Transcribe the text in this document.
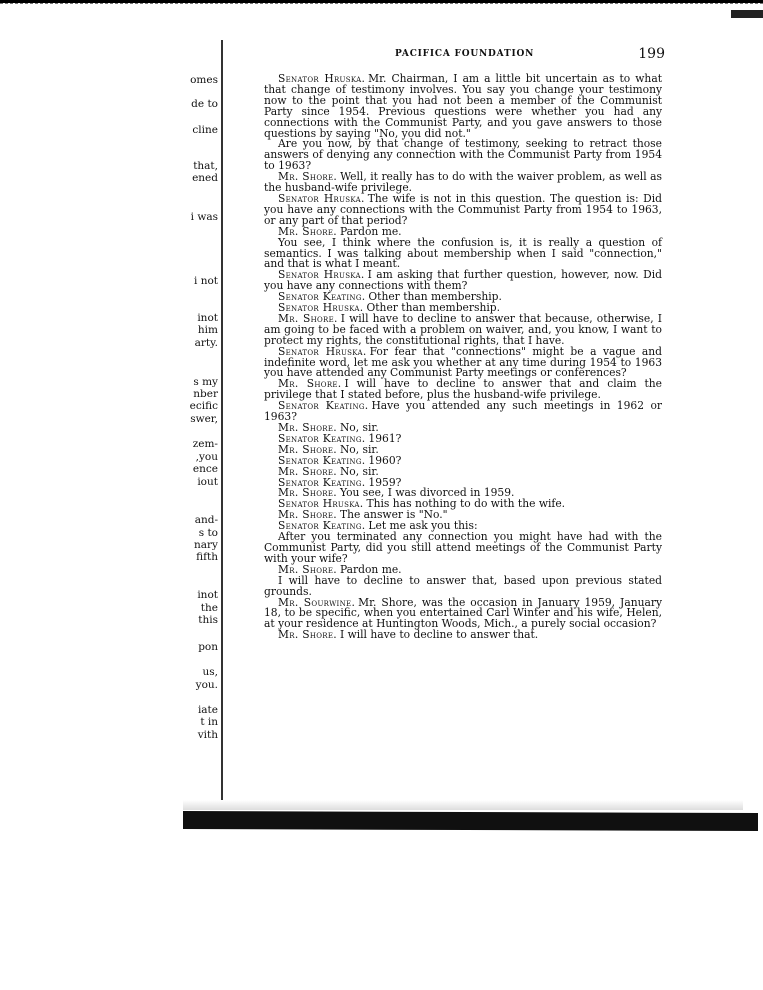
PACIFICA FOUNDATION	199
omes
de to
cline
that,
ened
i was
i not
inot
him
arty.
s my
nber
ecific
swer,
zem-
,you
ence
iout
and-
s to
nary
fifth
inot
the
this
pon
us,
you.
iate
t in
vith

Senator Hruska. Mr. Chairman, I am a little bit uncertain as to what that change of testimony involves. You say you change your testimony now to the point that you had not been a member of the Communist Party since 1954. Previous questions were whether you had any connections with the Communist Party, and you gave answers to those questions by saying "No, you did not."

Are you now, by that change of testimony, seeking to retract those answers of denying any connection with the Communist Party from 1954 to 1963?

Mr. Shore. Well, it really has to do with the waiver problem, as well as the husband-wife privilege.

Senator Hruska. The wife is not in this question. The question is: Did you have any connections with the Communist Party from 1954 to 1963, or any part of that period?

Mr. Shore. Pardon me.

You see, I think where the confusion is, it is really a question of semantics. I was talking about membership when I said "connection," and that is what I meant.

Senator Hruska. I am asking that further question, however, now. Did you have any connections with them?

Senator Keating. Other than membership.

Senator Hruska. Other than membership.

Mr. Shore. I will have to decline to answer that because, otherwise, I am going to be faced with a problem on waiver, and, you know, I want to protect my rights, the constitutional rights, that I have.

Senator Hruska. For fear that "connections" might be a vague and indefinite word, let me ask you whether at any time during 1954 to 1963 you have attended any Communist Party meetings or conferences?

Mr. Shore. I will have to decline to answer that and claim the privilege that I stated before, plus the husband-wife privilege.

Senator Keating. Have you attended any such meetings in 1962 or 1963?

Mr. Shore. No, sir.

Senator Keating. 1961?

Mr. Shore. No, sir.

Senator Keating. 1960?

Mr. Shore. No, sir.

Senator Keating. 1959?

Mr. Shore. You see, I was divorced in 1959.

Senator Hruska. This has nothing to do with the wife.

Mr. Shore. The answer is "No."

Senator Keating. Let me ask you this:

After you terminated any connection you might have had with the Communist Party, did you still attend meetings of the Communist Party with your wife?

Mr. Shore. Pardon me.

I will have to decline to answer that, based upon previous stated grounds.

Mr. Sourwine. Mr. Shore, was the occasion in January 1959, January 18, to be specific, when you entertained Carl Winter and his wife, Helen, at your residence at Huntington Woods, Mich., a purely social occasion?

Mr. Shore. I will have to decline to answer that.
